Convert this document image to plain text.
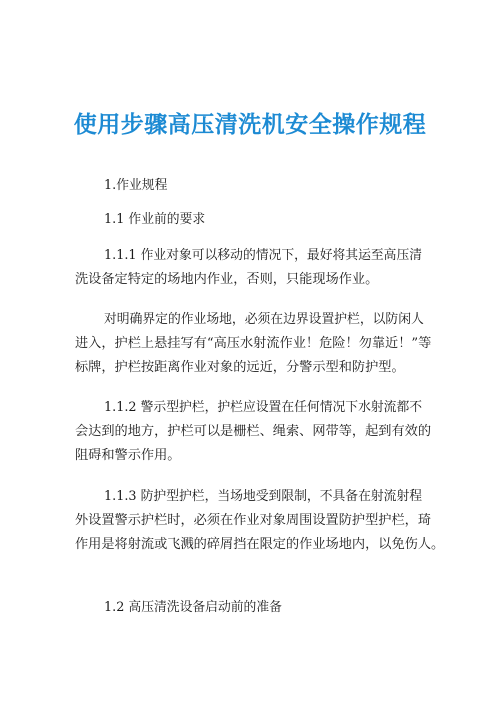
使用步骤高压清洗机安全操作规程
1.作业规程
1.1 作业前的要求
1.1.1 作业对象可以移动的情况下，最好将其运至高压清
洗设备定特定的场地内作业，否则，只能现场作业。
对明确界定的作业场地，必须在边界设置护栏，以防闲人
进入，护栏上悬挂写有“高压水射流作业！危险！勿靠近！”等
标牌，护栏按距离作业对象的远近，分警示型和防护型。
1.1.2 警示型护栏，护栏应设置在任何情况下水射流都不
会达到的地方，护栏可以是栅栏、绳索、网带等，起到有效的
阻碍和警示作用。
1.1.3 防护型护栏，当场地受到限制，不具备在射流射程
外设置警示护栏时，必须在作业对象周围设置防护型护栏，琦
作用是将射流或飞溅的碎屑挡在限定的作业场地内，以免伤人。
1.2 高压清洗设备启动前的准备
